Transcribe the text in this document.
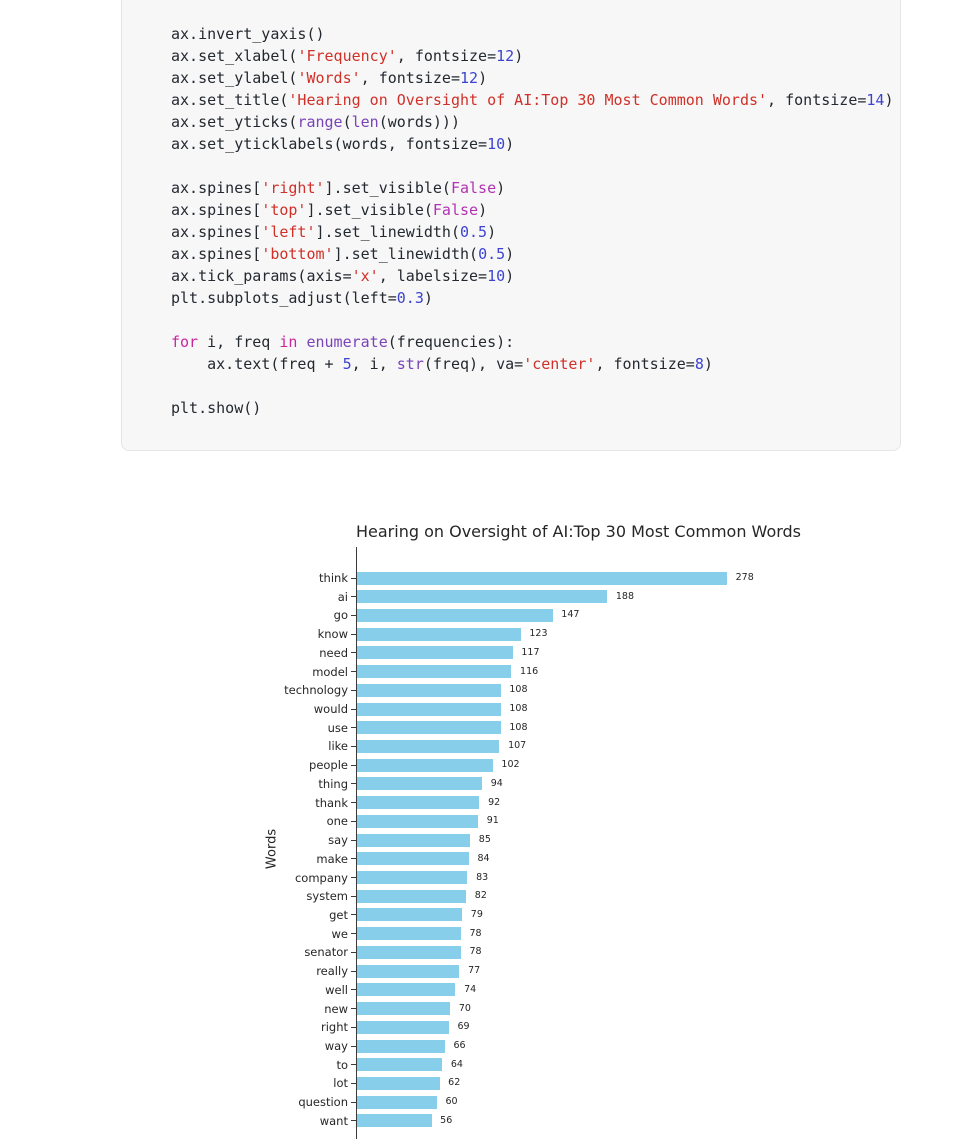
ax.invert_yaxis()
ax.set_xlabel('Frequency', fontsize=12)
ax.set_ylabel('Words', fontsize=12)
ax.set_title('Hearing on Oversight of AI:Top 30 Most Common Words', fontsize=14)
ax.set_yticks(range(len(words)))
ax.set_yticklabels(words, fontsize=10)

ax.spines['right'].set_visible(False)
ax.spines['top'].set_visible(False)
ax.spines['left'].set_linewidth(0.5)
ax.spines['bottom'].set_linewidth(0.5)
ax.tick_params(axis='x', labelsize=10)
plt.subplots_adjust(left=0.3)

for i, freq in enumerate(frequencies):
ax.text(freq + 5, i, str(freq), va='center', fontsize=8)

plt.show()
Hearing on Oversight of AI:Top 30 Most Common Words
Words
think	278
ai	188
go	147
know	123
need	117
model	116
technology	108
would	108
use	108
like	107
people	102
thing	94
thank	92
one	91
say	85
make	84
company	83
system	82
get	79
we	78
senator	78
really	77
well	74
new	70
right	69
way	66
to	64
lot	62
question	60
want	56
